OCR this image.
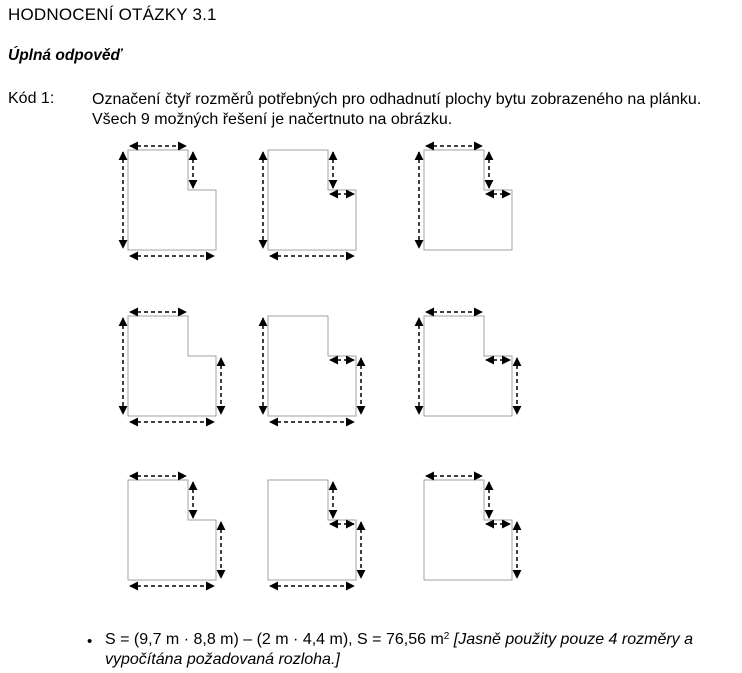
HODNOCENÍ OTÁZKY 3.1
Úplná odpověď
Kód 1: Označení čtyř rozměrů potřebných pro odhadnutí plochy bytu zobrazeného na plánku. Všech 9 možných řešení je načertnuto na obrázku.
• S = (9,7 m · 8,8 m) – (2 m · 4,4 m), S = 76,56 $m^2$ [Jasně použity pouze 4 rozměry a vypočítána požadovaná rozloha.]
